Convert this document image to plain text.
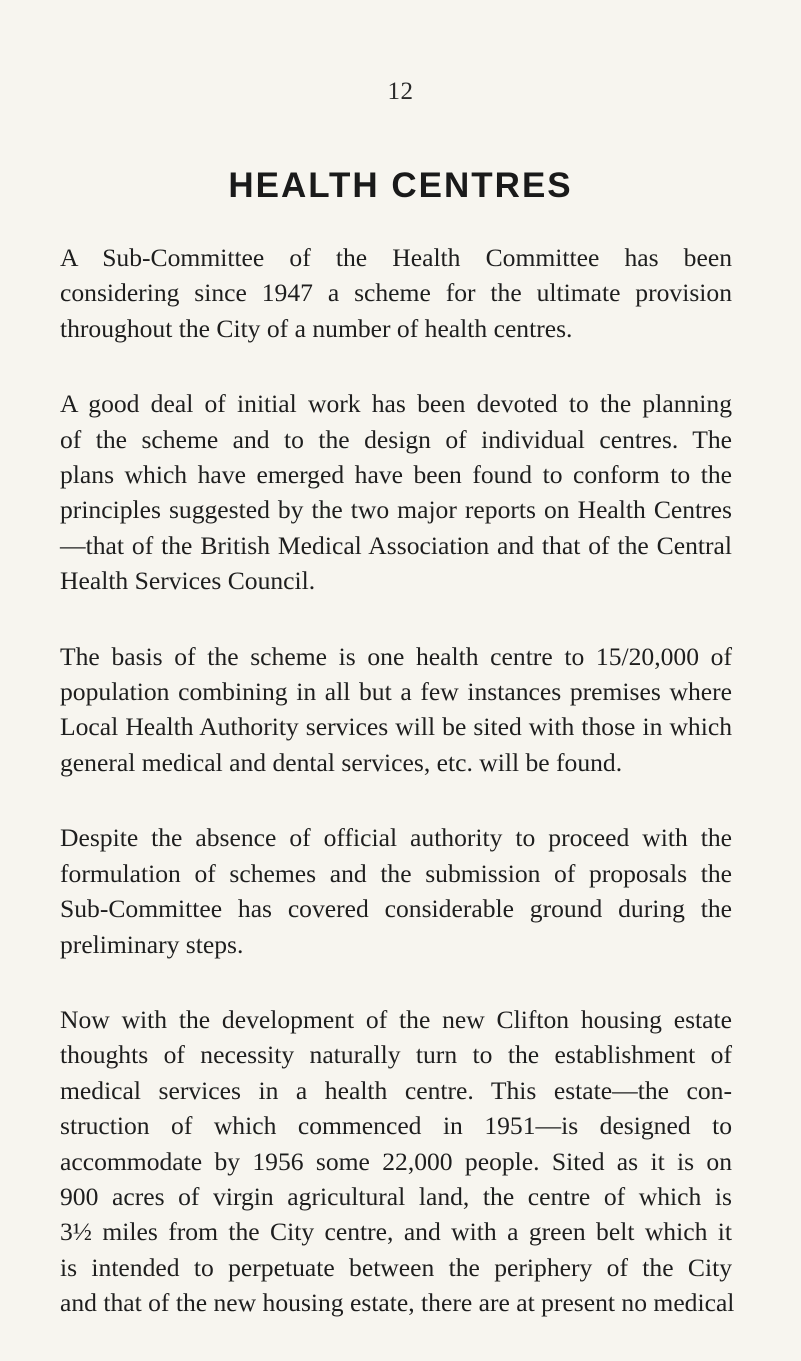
12
HEALTH CENTRES

A Sub-Committee of the Health Committee has been
considering since 1947 a scheme for the ultimate provision
throughout the City of a number of health centres.

A good deal of initial work has been devoted to the planning
of the scheme and to the design of individual centres. The
plans which have emerged have been found to conform to the
principles suggested by the two major reports on Health Centres
—that of the British Medical Association and that of the Central
Health Services Council.

The basis of the scheme is one health centre to 15/20,000 of
population combining in all but a few instances premises where
Local Health Authority services will be sited with those in which
general medical and dental services, etc. will be found.

Despite the absence of official authority to proceed with the
formulation of schemes and the submission of proposals the
Sub-Committee has covered considerable ground during the
preliminary steps.

Now with the development of the new Clifton housing estate
thoughts of necessity naturally turn to the establishment of
medical services in a health centre. This estate—the con-
struction of which commenced in 1951—is designed to
accommodate by 1956 some 22,000 people. Sited as it is on
900 acres of virgin agricultural land, the centre of which is
3½ miles from the City centre, and with a green belt which it
is intended to perpetuate between the periphery of the City
and that of the new housing estate, there are at present no medical
